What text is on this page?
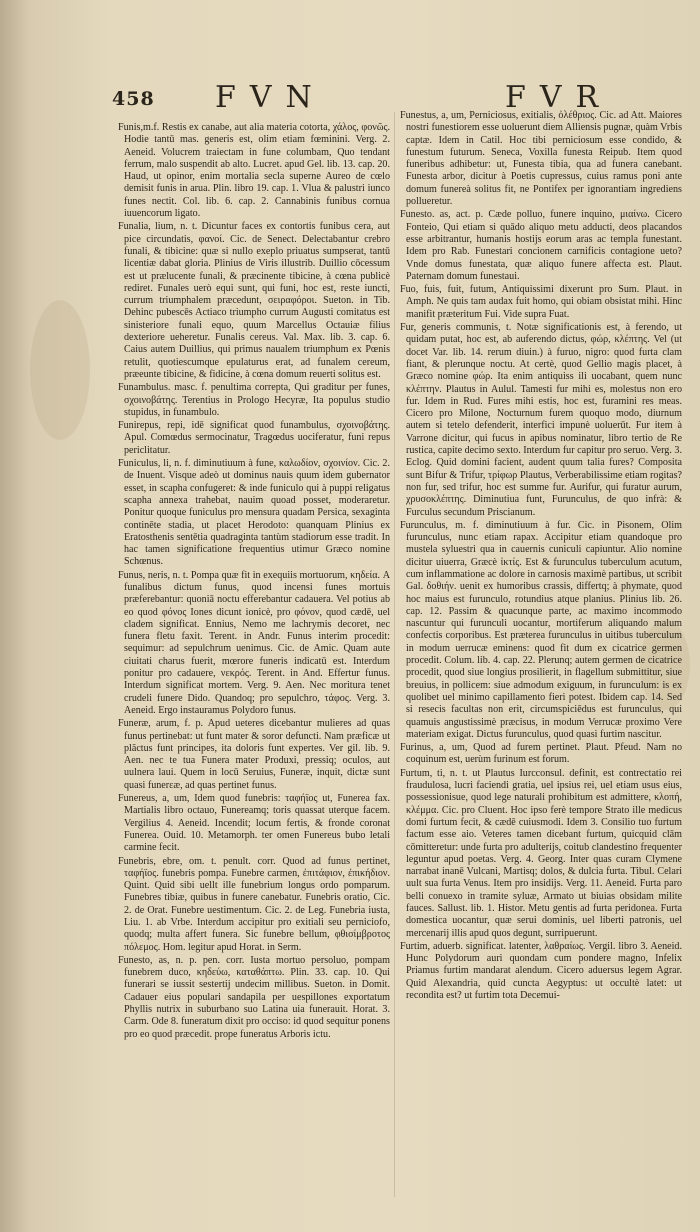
458 FVN	FVR

Funis,m.f. Restis ex canabe, aut alia materia cotorta, χάλος, φονῶς. Hodie tantū mas. generis est, olim etiam fœminini. Verg. 2. Aeneid. Volucrem traiectam in fune columbam, Quo tendant ferrum, malo suspendit ab alto. Lucret. apud Gel. lib. 13. cap. 20. Haud, ut opinor, enim mortalia secla superne Aureo de cœlo demisit funis in arua. Plin. libro 19. cap. 1. Vlua & palustri iunco funes nectit. Col. lib. 6. cap. 2. Cannabinis funibus cornua iuuencorum ligato.

Funalia, lium, n. t. Dicuntur faces ex contortis funibus cera, aut pice circundatis, φανοί. Cic. de Senect. Delectabantur crebro funali, & tibicine: quæ si nullo exeplo priuatus sumpserat, tantū licentiæ dabat gloria. Plinius de Viris illustrib. Duillio cōcessum est ut prælucente funali, & præcinente tibicine, à cœna publicè rediret. Funales uerò equi sunt, qui funi, hoc est, reste iuncti, currum triumphalem præcedunt, σειραφόροι. Sueton. in Tib. Dehinc pubescēs Actiaco triumpho currum Augusti comitatus est sinisteriore funali equo, quum Marcellus Octauiæ filius dexteriore ueheretur. Funalis cereus. Val. Max. lib. 3. cap. 6. Caius autem Duillius, qui primus naualem triumphum ex Pœnis retulit, quotiescumque epulaturus erat, ad funalem cereum, præeunte tibicine, & fidicine, à cœna domum reuerti solitus est.

Funambulus. masc. f. penultima correpta, Qui graditur per funes, σχοινοβάτης. Terentius in Prologo Hecyræ, Ita populus studio stupidus, in funambulo.

Funirepus, repi, idē significat quod funambulus, σχοινοβάτης. Apul. Comœdus sermocinatur, Tragœdus uociferatur, funi repus periclitatur.

Funiculus, li, n. f. diminutiuum à fune, καλωδίον, σχοινίον. Cic. 2. de Inuent. Visque adeò ut dominus nauis quum idem gubernator esset, in scapha confugeret: & inde funiculo qui à puppi religatus scapha annexa trahebat, nauim quoad posset, moderaretur. Ponitur quoque funiculus pro mensura quadam Persica, sexaginta continēte stadia, ut placet Herodoto: quanquam Plinius ex Eratosthenis sentētia quadraginta tantùm stadiorum esse tradit. In hac tamen significatione frequentius utimur Græco nomine Schœnus.

Funus, neris, n. t. Pompa quæ fit in exequiis mortuorum, κηδεία. A funalibus dictum funus, quod incensi funes mortuis præferebantur: quoniā noctu efferebantur cadauera. Vel potius ab eo quod φόνος Iones dicunt ionicè, pro φόνον, quod cædē, uel cladem significat. Ennius, Nemo me lachrymis decoret, nec funera fletu faxit. Terent. in Andr. Funus interim procedit: sequimur: ad sepulchrum uenimus. Cic. de Amic. Quam aute ciuitati charus fuerit, mœrore funeris indicatū est. Interdum ponitur pro cadauere, νεκρός. Terent. in And. Effertur funus. Interdum significat mortem. Verg. 9. Aen. Nec moritura tenet crudeli funere Dido. Quandoq; pro sepulchro, τάφος. Verg. 3. Aeneid. Ergo instauramus Polydoro funus.

Funeræ, arum, f. p. Apud ueteres dicebantur mulieres ad quas funus pertinebat: ut funt mater & soror defuncti. Nam præficæ ut plăctus funt principes, ita doloris funt expertes. Ver gil. lib. 9. Aen. nec te tua Funera mater Produxi, pressiq; oculos, aut uulnera laui. Quem in locū Seruius, Funeræ, inquit, dictæ sunt quasi funerεæ, ad quas pertinet funus.

Funereus, a, um, Idem quod funebris: ταφήϊος ut, Funerea fax. Martialis libro octauo, Funereamq; toris quassat uterque facem. Vergilius 4. Aeneid. Incendit; locum fertis, & fronde coronat Funerea. Ouid. 10. Metamorph. ter omen Funereus bubo letali carmine fecit.

Funebris, ebre, om. t. penult. corr. Quod ad funus pertinet, ταφήϊος. funebris pompa. Funebre carmen, ἐπιτάφιον, ἐπικήδιον. Quint. Quid sibi uellt ille funebrium longus ordo pomparum. Funebres tibiæ, quibus in funere canebatur. Funebris oratio, Cic. 2. de Orat. Funebre uestimentum. Cic. 2. de Leg. Funebria iusta, Liu. 1. ab Vrbe. Interdum accipitur pro exitiali seu perniciofo, quodq; multa affert funera. Sic funebre bellum, φθισίμβροτος πόλεμος. Hom. legitur apud Horat. in Serm.

Funesto, as, n. p. pen. corr. Iusta mortuo persoluo, pompam funebrem duco, κηδεύω, καταθάπτω. Plin. 33. cap. 10. Qui funerari se iussit sestertij undecim millibus. Sueton. in Domit. Cadauer eius populari sandapila per uespillones exportatum Phyllis nutrix in suburbano suo Latina uia funerauit. Horat. 3. Carm. Ode 8. funeratum dixit pro occiso: id quod sequitur ponens pro eo quod præcedit. prope funeratus Arboris ictu.

Funestus, a, um, Perniciosus, exitialis, ὀλέθριος. Cic. ad Att. Maiores nostri funestiorem esse uoluerunt diem Alliensis pugnæ, quàm Vrbis captæ. Idem in Catil. Hoc tibi perniciosum esse condido, & funestum futurum. Seneca, Voxilla funesta Reipub. Item quod funeribus adhibetur: ut, Funesta tibia, qua ad funera canebant. Funesta arbor, dicitur à Poetis cupressus, cuius ramus poni ante domum funereà solitus fit, ne Pontifex per ignorantiam ingrediens pollueretur.

Funesto. as, act. p. Cæde polluo, funere inquino, μιαίνω. Cicero Fonteio, Qui etiam si quādo aliquo metu adducti, deos placandos esse arbitrantur, humanis hostijs eorum aras ac templa funestant. Idem pro Rab. Funestari concionem carnificis contagione ueto? Vnde domus funestata, quæ aliquo funere affecta est. Plaut. Paternam domum funestaui.

Fuo, fuis, fuit, futum, Antiquissimi dixerunt pro Sum. Plaut. in Amph. Ne quis tam audax fuit homo, qui obiam obsistat mihi. Hinc manifit præteritum Fui. Vide supra Fuat.

Fur, generis communis, t. Notæ significationis est, à ferendo, ut quidam putat, hoc est, ab auferendo dictus, φώρ, κλέπτης. Vel (ut docet Var. lib. 14. rerum diuin.) à furuo, nigro: quod furta clam fiant, & plerunque noctu. At certè, quod Gellio magis placet, à Græco nomine φώρ. Ita enim antiquiss ili uocabant, quem nunc κλέπτην. Plautus in Aulul. Tamesti fur mihi es, molestus non ero fur. Idem in Rud. Fures mihi estis, hoc est, furamini res meas. Cicero pro Milone, Nocturnum furem quoquo modo, diurnum autem si tetelo defenderit, interfici impunè uoluerūt. Fur item à Varrone dicitur, qui fucus in apibus nominatur, libro tertio de Re rustica, capite decimo sexto. Interdum fur capitur pro seruo. Verg. 3. Eclog. Quid domini facient, audent quum talia fures? Composita sunt Bifur & Trifur, τρίφωρ Plautus, Verberabilissime etiam rogitas? non fur, sed trifur, hoc est summe fur. Aurifur, qui furatur aurum, χρυσοκλέπτης. Diminutiua funt, Furunculus, de quo infrà: & Furculus secundum Priscianum.

Furunculus, m. f. diminutiuum à fur. Cic. in Pisonem, Olim furunculus, nunc etiam rapax. Accipitur etiam quandoque pro mustela syluestri qua in cauernis cuniculi capiuntur. Alio nomine dicitur uiuerra, Græcè ἰκτίς. Est & furunculus tuberculum acutum, cum inflammatione ac dolore in carnosis maximè partibus, ut scribit Gal. δοθιήν. uenit ex humoribus crassis, differtq; à phymate, quod hoc maius est furunculo, rotundius atque planius. Plinius lib. 26. cap. 12. Passim & quacunque parte, ac maximo incommodo nascuntur qui furunculi uocantur, mortiferum aliquando malum confectis corporibus. Est præterea furunculus in uitibus tuberculum in modum uerrucæ eminens: quod fit dum ex cicatrice germen procedit. Colum. lib. 4. cap. 22. Plerunq; autem germen de cicatrice procedit, quod siue longius prosilierit, in flagellum submittitur, siue breuius, in pollicem: siue admodum exiguum, in furunculum: is ex quolibet uel minimo capillamento fieri potest. Ibidem cap. 14. Sed si resecis facultas non erit, circumspiciēdus est furunculus, qui quamuis angustissimè præcisus, in modum Verrucæ proximo Vere materiam exigat. Dictus furunculus, quod quasi furtim nascitur.

Furinus, a, um, Quod ad furem pertinet. Plaut. Pfeud. Nam no coquinum est, uerùm furinum est forum.

Furtum, ti, n. t. ut Plautus Iurcconsul. definit, est contrectatio rei fraudulosa, lucri faciendi gratia, uel ipsius rei, uel etiam usus eius, possessionisue, quod lege naturali prohibitum est admittere, κλοπή, κλέμμα. Cic. pro Cluent. Hoc ipso ferè tempore Strato ille medicus domi furtum fecit, & cædē cuiusmodi. Idem 3. Consilio tuo furtum factum esse aio. Veteres tamen dicebant furtum, quicquid clām cōmitteretur: unde furta pro adulterijs, coitub clandestino frequenter leguntur apud poetas. Verg. 4. Georg. Inter quas curam Clymene narrabat inanē Vulcani, Martisq; dolos, & dulcia furta. Tibul. Celari uult sua furta Venus. Item pro insidijs. Verg. 11. Aeneid. Furta paro belli conuexo in tramite syluæ, Armato ut biuias obsidam milite fauces. Sallust. lib. 1. Histor. Metu gentis ad furta peridonea. Furta domestica uocantur, quæ serui dominis, uel liberti patronis, uel mercenarij illis apud quos degunt, surripuerunt.

Furtim, aduerb. significat. latenter, λαθραίως. Vergil. libro 3. Aeneid. Hunc Polydorum auri quondam cum pondere magno, Infelix Priamus furtim mandarat alendum. Cicero aduersus legem Agrar. Quid Alexandria, quid cuncta Aegyptus: ut occultè latet: ut recondita est? ut furtim tota Decemui-
